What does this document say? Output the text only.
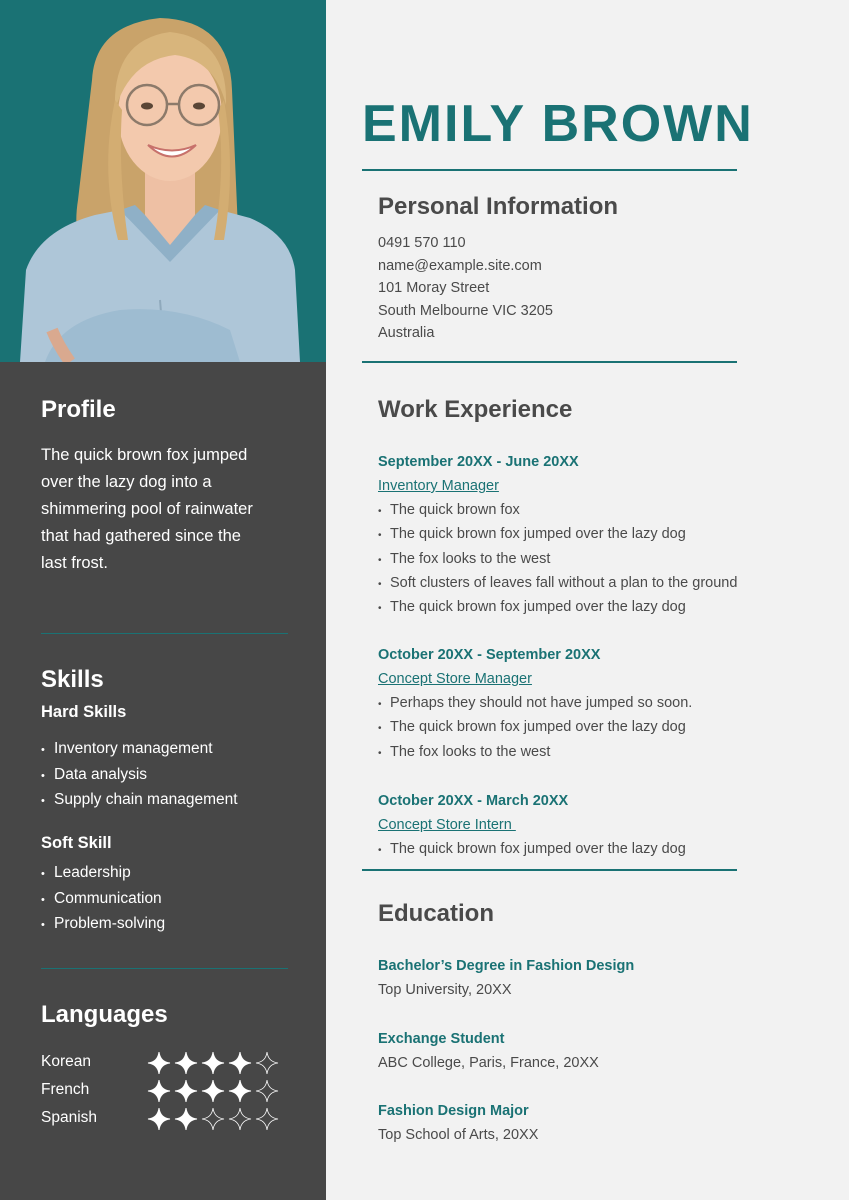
Profile

The quick brown fox jumped
over the lazy dog into a
shimmering pool of rainwater
that had gathered since the
last frost.

Skills
Hard Skills
• Inventory management
• Data analysis
• Supply chain management
Soft Skill
• Leadership
• Communication
• Problem-solving
Languages
Korean
French
Spanish
EMILY BROWN
Personal Information
0491 570 110
name@example.site.com
101 Moray Street
South Melbourne VIC 3205
Australia
Work Experience
September 20XX - June 20XX
Inventory Manager
• The quick brown fox
• The quick brown fox jumped over the lazy dog
• The fox looks to the west
• Soft clusters of leaves fall without a plan to the ground
• The quick brown fox jumped over the lazy dog
October 20XX - September 20XX
Concept Store Manager
• Perhaps they should not have jumped so soon.
• The quick brown fox jumped over the lazy dog
• The fox looks to the west
October 20XX - March 20XX
Concept Store Intern
• The quick brown fox jumped over the lazy dog
Education
Bachelor’s Degree in Fashion Design
Top University, 20XX
Exchange Student
ABC College, Paris, France, 20XX
Fashion Design Major
Top School of Arts, 20XX
